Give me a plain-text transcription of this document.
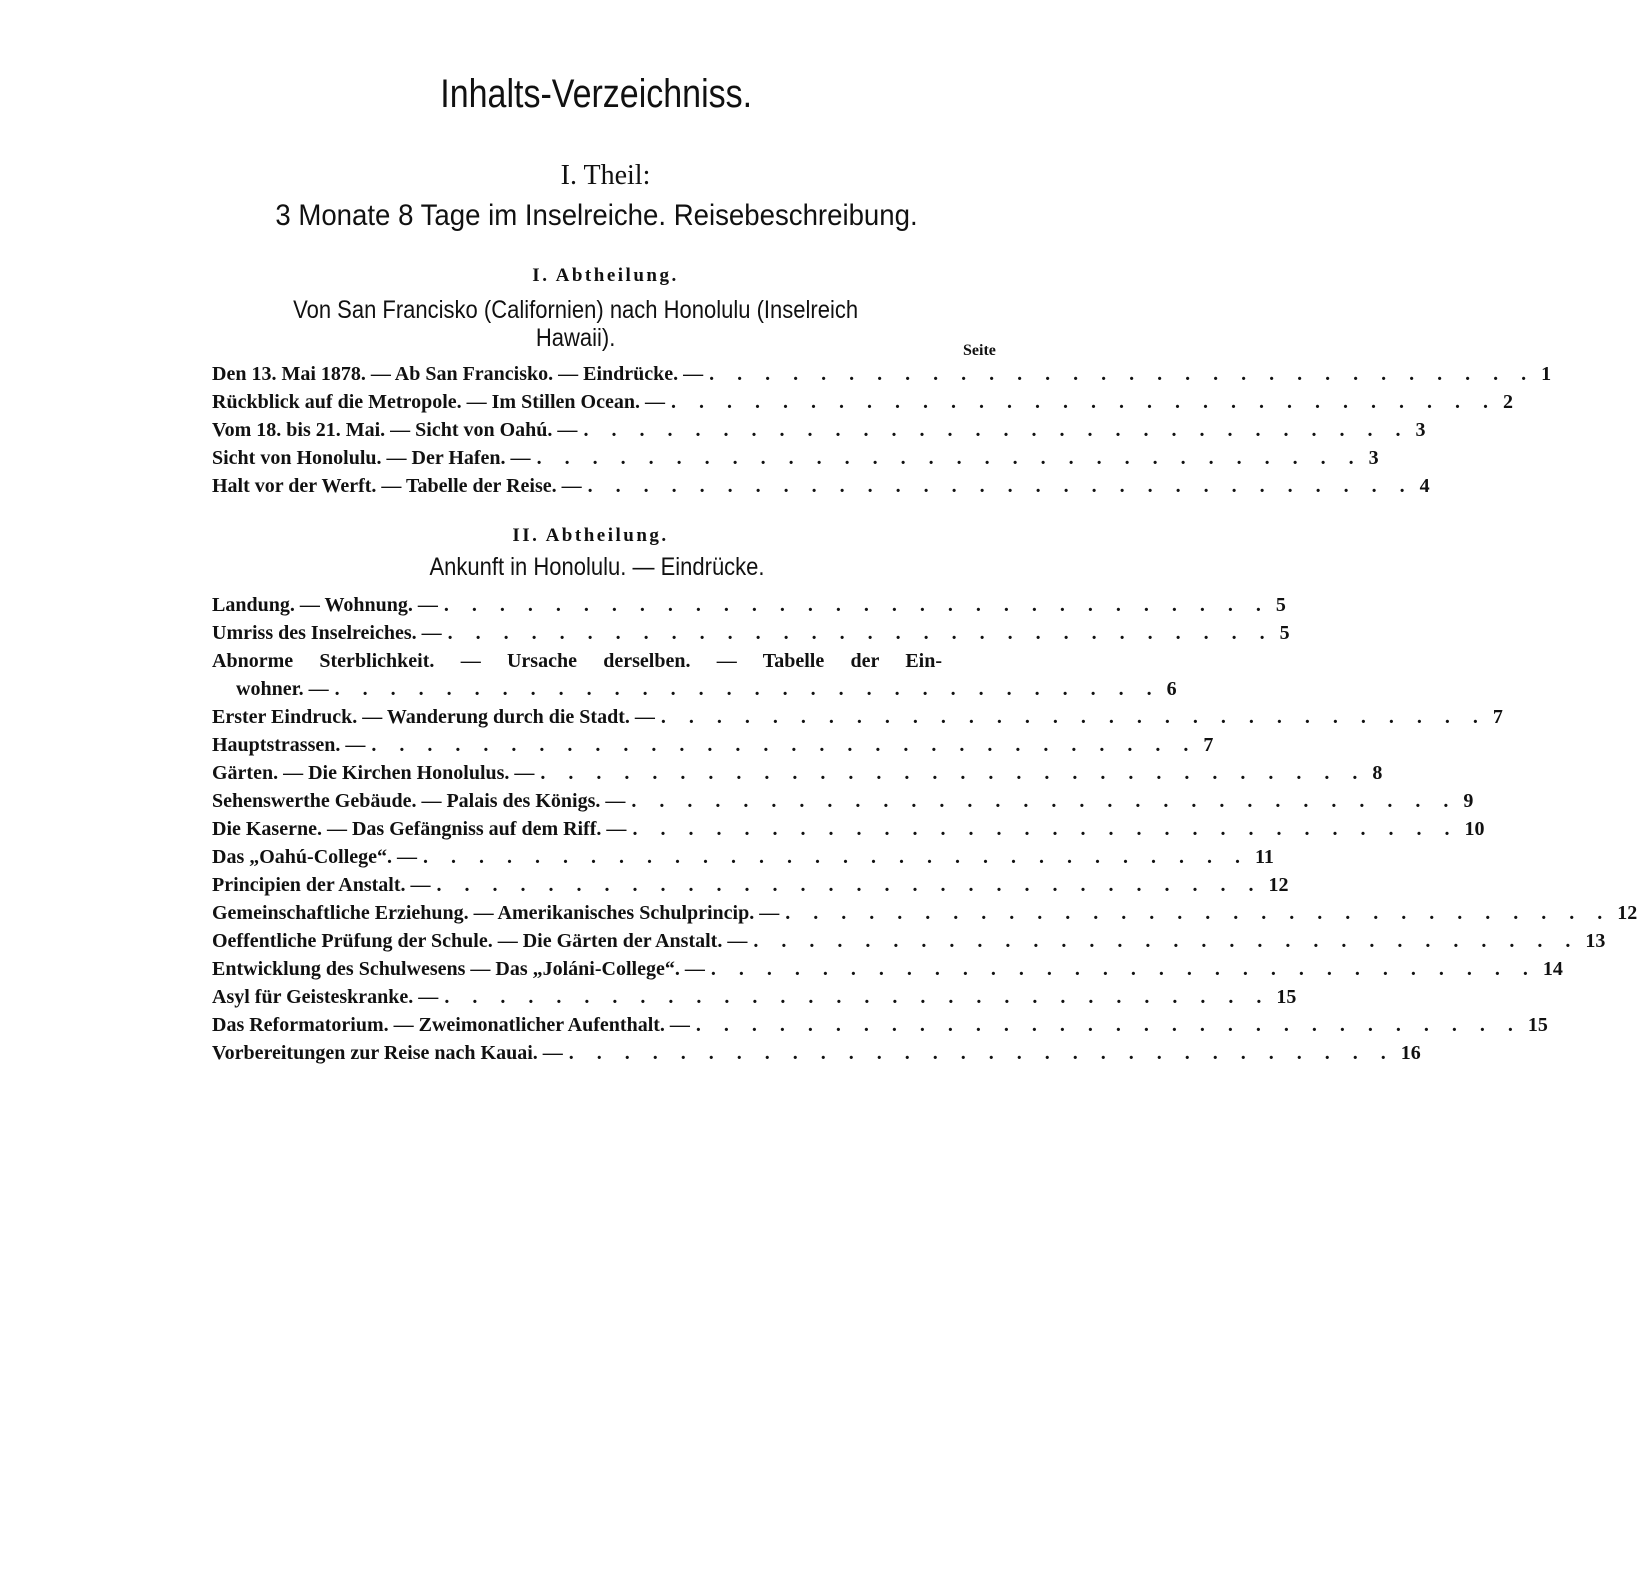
Inhalts-Verzeichniss.
I. Theil:
3 Monate 8 Tage im Inselreiche. Reisebeschreibung.
I. Abtheilung.
Von San Francisko (Californien) nach Honolulu (Inselreich
Hawaii).	Seite
Den 13. Mai 1878. — Ab San Francisko. — Eindrücke. — . . . . . . . . . . . . . . . . . . . . . . . . . . . . . . 1
Rückblick auf die Metropole. — Im Stillen Ocean. — . . . . . . . . . . . . . . . . . . . . . . . . . . . . . . 2
Vom 18. bis 21. Mai. — Sicht von Oahú. — . . . . . . . . . . . . . . . . . . . . . . . . . . . . . . 3
Sicht von Honolulu. — Der Hafen. — . . . . . . . . . . . . . . . . . . . . . . . . . . . . . . 3
Halt vor der Werft. — Tabelle der Reise. — . . . . . . . . . . . . . . . . . . . . . . . . . . . . . . 4
II. Abtheilung.
Ankunft in Honolulu. — Eindrücke.
Landung. — Wohnung. — . . . . . . . . . . . . . . . . . . . . . . . . . . . . . . 5
Umriss des Inselreiches. — . . . . . . . . . . . . . . . . . . . . . . . . . . . . . . 5
Abnorme Sterblichkeit. — Ursache derselben. — Tabelle der Ein-
wohner. — . . . . . . . . . . . . . . . . . . . . . . . . . . . . . . 6
Erster Eindruck. — Wanderung durch die Stadt. — . . . . . . . . . . . . . . . . . . . . . . . . . . . . . . 7
Hauptstrassen. — . . . . . . . . . . . . . . . . . . . . . . . . . . . . . . 7
Gärten. — Die Kirchen Honolulus. — . . . . . . . . . . . . . . . . . . . . . . . . . . . . . . 8
Sehenswerthe Gebäude. — Palais des Königs. — . . . . . . . . . . . . . . . . . . . . . . . . . . . . . . 9
Die Kaserne. — Das Gefängniss auf dem Riff. — . . . . . . . . . . . . . . . . . . . . . . . . . . . . . . 10
Das „Oahú-College“. — . . . . . . . . . . . . . . . . . . . . . . . . . . . . . . 11
Principien der Anstalt. — . . . . . . . . . . . . . . . . . . . . . . . . . . . . . . 12
Gemeinschaftliche Erziehung. — Amerikanisches Schulprincip. — . . . . . . . . . . . . . . . . . . . . . . . . . . . . . . 12
Oeffentliche Prüfung der Schule. — Die Gärten der Anstalt. — . . . . . . . . . . . . . . . . . . . . . . . . . . . . . . 13
Entwicklung des Schulwesens — Das „Joláni-College“. — . . . . . . . . . . . . . . . . . . . . . . . . . . . . . . 14
Asyl für Geisteskranke. — . . . . . . . . . . . . . . . . . . . . . . . . . . . . . . 15
Das Reformatorium. — Zweimonatlicher Aufenthalt. — . . . . . . . . . . . . . . . . . . . . . . . . . . . . . . 15
Vorbereitungen zur Reise nach Kauai. — . . . . . . . . . . . . . . . . . . . . . . . . . . . . . . 16
